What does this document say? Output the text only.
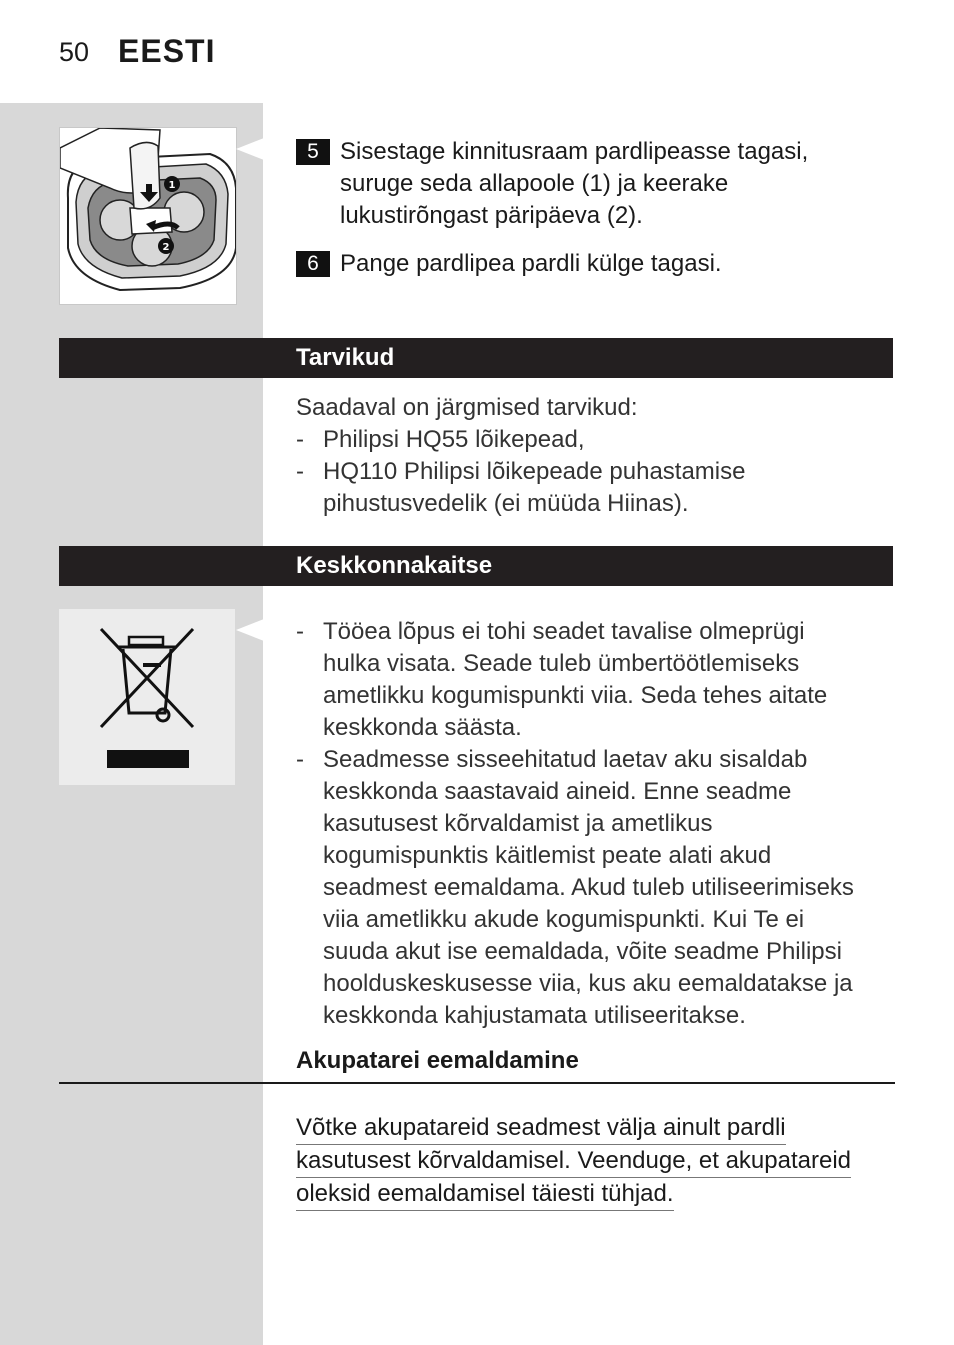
50 EESTI
1
2
5 Sisestage kinnitusraam pardlipeasse tagasi,
suruge seda allapoole (1) ja keerake
lukustirõngast päripäeva (2).
6 Pange pardlipea pardli külge tagasi.
Tarvikud
Saadaval on järgmised tarvikud:
- Philipsi HQ55 lõikepead,
- HQ110 Philipsi lõikepeade puhastamise
pihustusvedelik (ei müüda Hiinas).
Keskkonnakaitse
- Tööea lõpus ei tohi seadet tavalise olmeprügi
hulka visata. Seade tuleb ümbertöötlemiseks
ametlikku kogumispunkti viia. Seda tehes aitate
keskkonda säästa.
- Seadmesse sisseehitatud laetav aku sisaldab
keskkonda saastavaid aineid. Enne seadme
kasutusest kõrvaldamist ja ametlikus
kogumispunktis käitlemist peate alati akud
seadmest eemaldama. Akud tuleb utiliseerimiseks
viia ametlikku akude kogumispunkti. Kui Te ei
suuda akut ise eemaldada, võite seadme Philipsi
hoolduskeskusesse viia, kus aku eemaldatakse ja
keskkonda kahjustamata utiliseeritakse.
Akupatarei eemaldamine
Võtke akupatareid seadmest välja ainult pardli
kasutusest kõrvaldamisel. Veenduge, et akupatareid
oleksid eemaldamisel täiesti tühjad.
